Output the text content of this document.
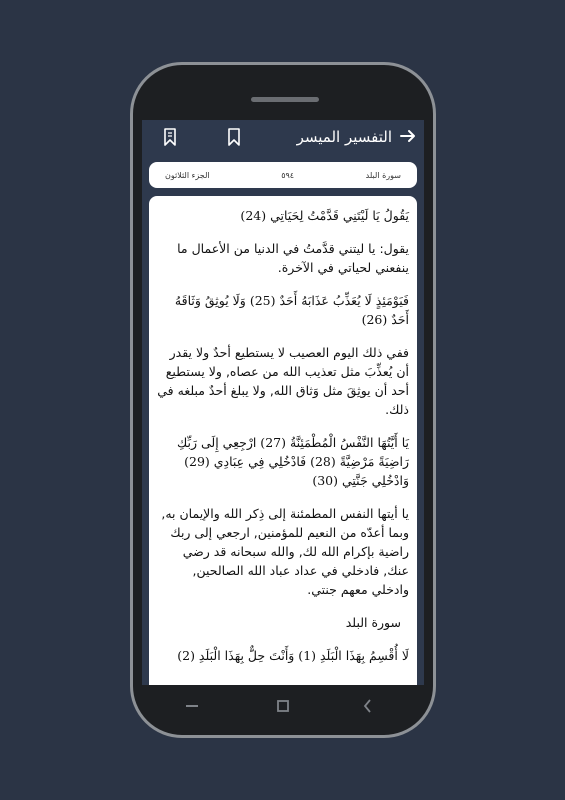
التفسير الميسر
سورة البلد
٥٩٤
الجزء الثلاثون

يَقُولُ يَا لَيْتَنِي قَدَّمْتُ لِحَيَاتِي (24)

يقول: يا ليتني قدَّمتُ في الدنيا من الأعمال ما ينفعني لحياتي في الآخرة.

فَيَوْمَئِذٍ لَا يُعَذِّبُ عَذَابَهُ أَحَدٌ (25) وَلَا يُوثِقُ وَثَاقَهُ أَحَدٌ (26)

ففي ذلك اليوم العصيب لا يستطيع أحدٌ ولا يقدر أن يُعذِّبَ مثل تعذيب الله من عصاه, ولا يستطيع أحد أن يوثِقَ مثل وَثاق الله, ولا يبلغ أحدٌ مبلغه في ذلك.

يَا أَيَّتُهَا النَّفْسُ الْمُطْمَئِنَّةُ (27) ارْجِعِي إِلَى رَبِّكِ رَاضِيَةً مَرْضِيَّةً (28) فَادْخُلِي فِي عِبَادِي (29) وَادْخُلِي جَنَّتِي (30)

يا أيتها النفس المطمئنة إلى ذِكر الله والإيمان به, وبما أعدّه من النعيم للمؤمنين, ارجعي إلى ربك راضية بإكرام الله لك, والله سبحانه قد رضي عنك, فادخلي في عداد عباد الله الصالحين, وادخلي معهم جنتي.

سورة البلد

لَا أُقْسِمُ بِهَذَا الْبَلَدِ (1) وَأَنْتَ حِلٌّ بِهَذَا الْبَلَدِ (2)
